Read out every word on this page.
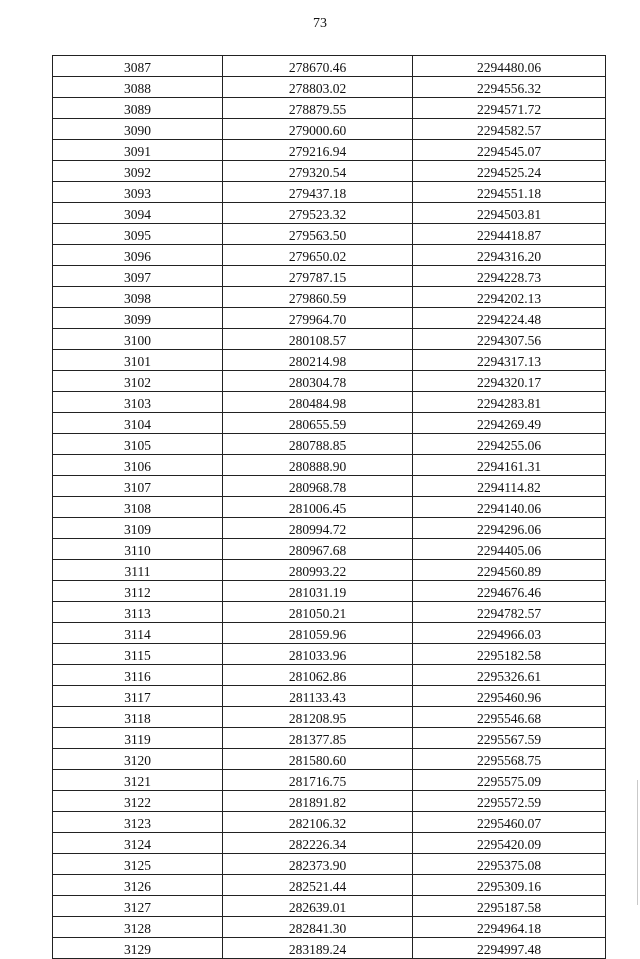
73
3087	278670.46	2294480.06
3088	278803.02	2294556.32
3089	278879.55	2294571.72
3090	279000.60	2294582.57
3091	279216.94	2294545.07
3092	279320.54	2294525.24
3093	279437.18	2294551.18
3094	279523.32	2294503.81
3095	279563.50	2294418.87
3096	279650.02	2294316.20
3097	279787.15	2294228.73
3098	279860.59	2294202.13
3099	279964.70	2294224.48
3100	280108.57	2294307.56
3101	280214.98	2294317.13
3102	280304.78	2294320.17
3103	280484.98	2294283.81
3104	280655.59	2294269.49
3105	280788.85	2294255.06
3106	280888.90	2294161.31
3107	280968.78	2294114.82
3108	281006.45	2294140.06
3109	280994.72	2294296.06
3110	280967.68	2294405.06
3111	280993.22	2294560.89
3112	281031.19	2294676.46
3113	281050.21	2294782.57
3114	281059.96	2294966.03
3115	281033.96	2295182.58
3116	281062.86	2295326.61
3117	281133.43	2295460.96
3118	281208.95	2295546.68
3119	281377.85	2295567.59
3120	281580.60	2295568.75
3121	281716.75	2295575.09
3122	281891.82	2295572.59
3123	282106.32	2295460.07
3124	282226.34	2295420.09
3125	282373.90	2295375.08
3126	282521.44	2295309.16
3127	282639.01	2295187.58
3128	282841.30	2294964.18
3129	283189.24	2294997.48
